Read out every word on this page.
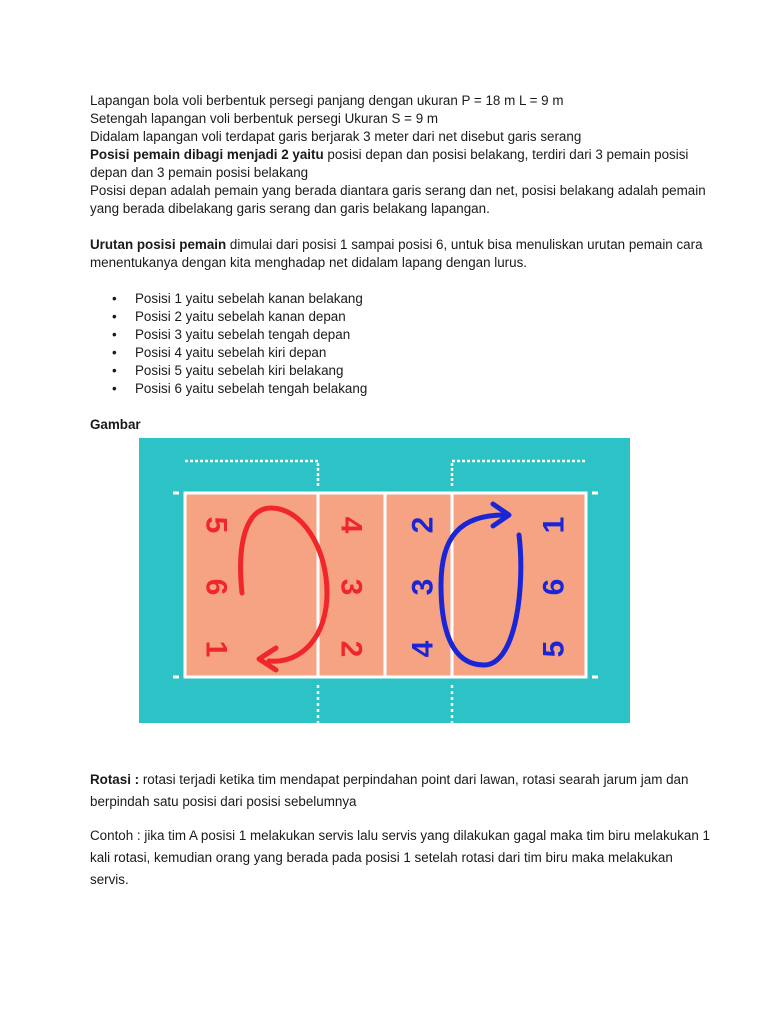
Lapangan bola voli berbentuk persegi panjang dengan ukuran P = 18 m L = 9 m
Setengah lapangan voli berbentuk persegi Ukuran S = 9 m
Didalam lapangan voli terdapat garis berjarak 3 meter dari net disebut garis serang
Posisi pemain dibagi menjadi 2 yaitu posisi depan dan posisi belakang, terdiri dari 3 pemain posisi
depan dan 3 pemain posisi belakang
Posisi depan adalah pemain yang berada diantara garis serang dan net, posisi belakang adalah pemain
yang berada dibelakang garis serang dan garis belakang lapangan.
Urutan posisi pemain dimulai dari posisi 1 sampai posisi 6, untuk bisa menuliskan urutan pemain cara
menentukanya dengan kita menghadap net didalam lapang dengan lurus.
• Posisi 1 yaitu sebelah kanan belakang
• Posisi 2 yaitu sebelah kanan depan
• Posisi 3 yaitu sebelah tengah depan
• Posisi 4 yaitu sebelah kiri depan
• Posisi 5 yaitu sebelah kiri belakang
• Posisi 6 yaitu sebelah tengah belakang
Gambar
5
6
1
4
3
2
2
3
4
1
6
5
Rotasi : rotasi terjadi ketika tim mendapat perpindahan point dari lawan, rotasi searah jarum jam dan
berpindah satu posisi dari posisi sebelumnya
Contoh : jika tim A posisi 1 melakukan servis lalu servis yang dilakukan gagal maka tim biru melakukan 1
kali rotasi, kemudian orang yang berada pada posisi 1 setelah rotasi dari tim biru maka melakukan
servis.
